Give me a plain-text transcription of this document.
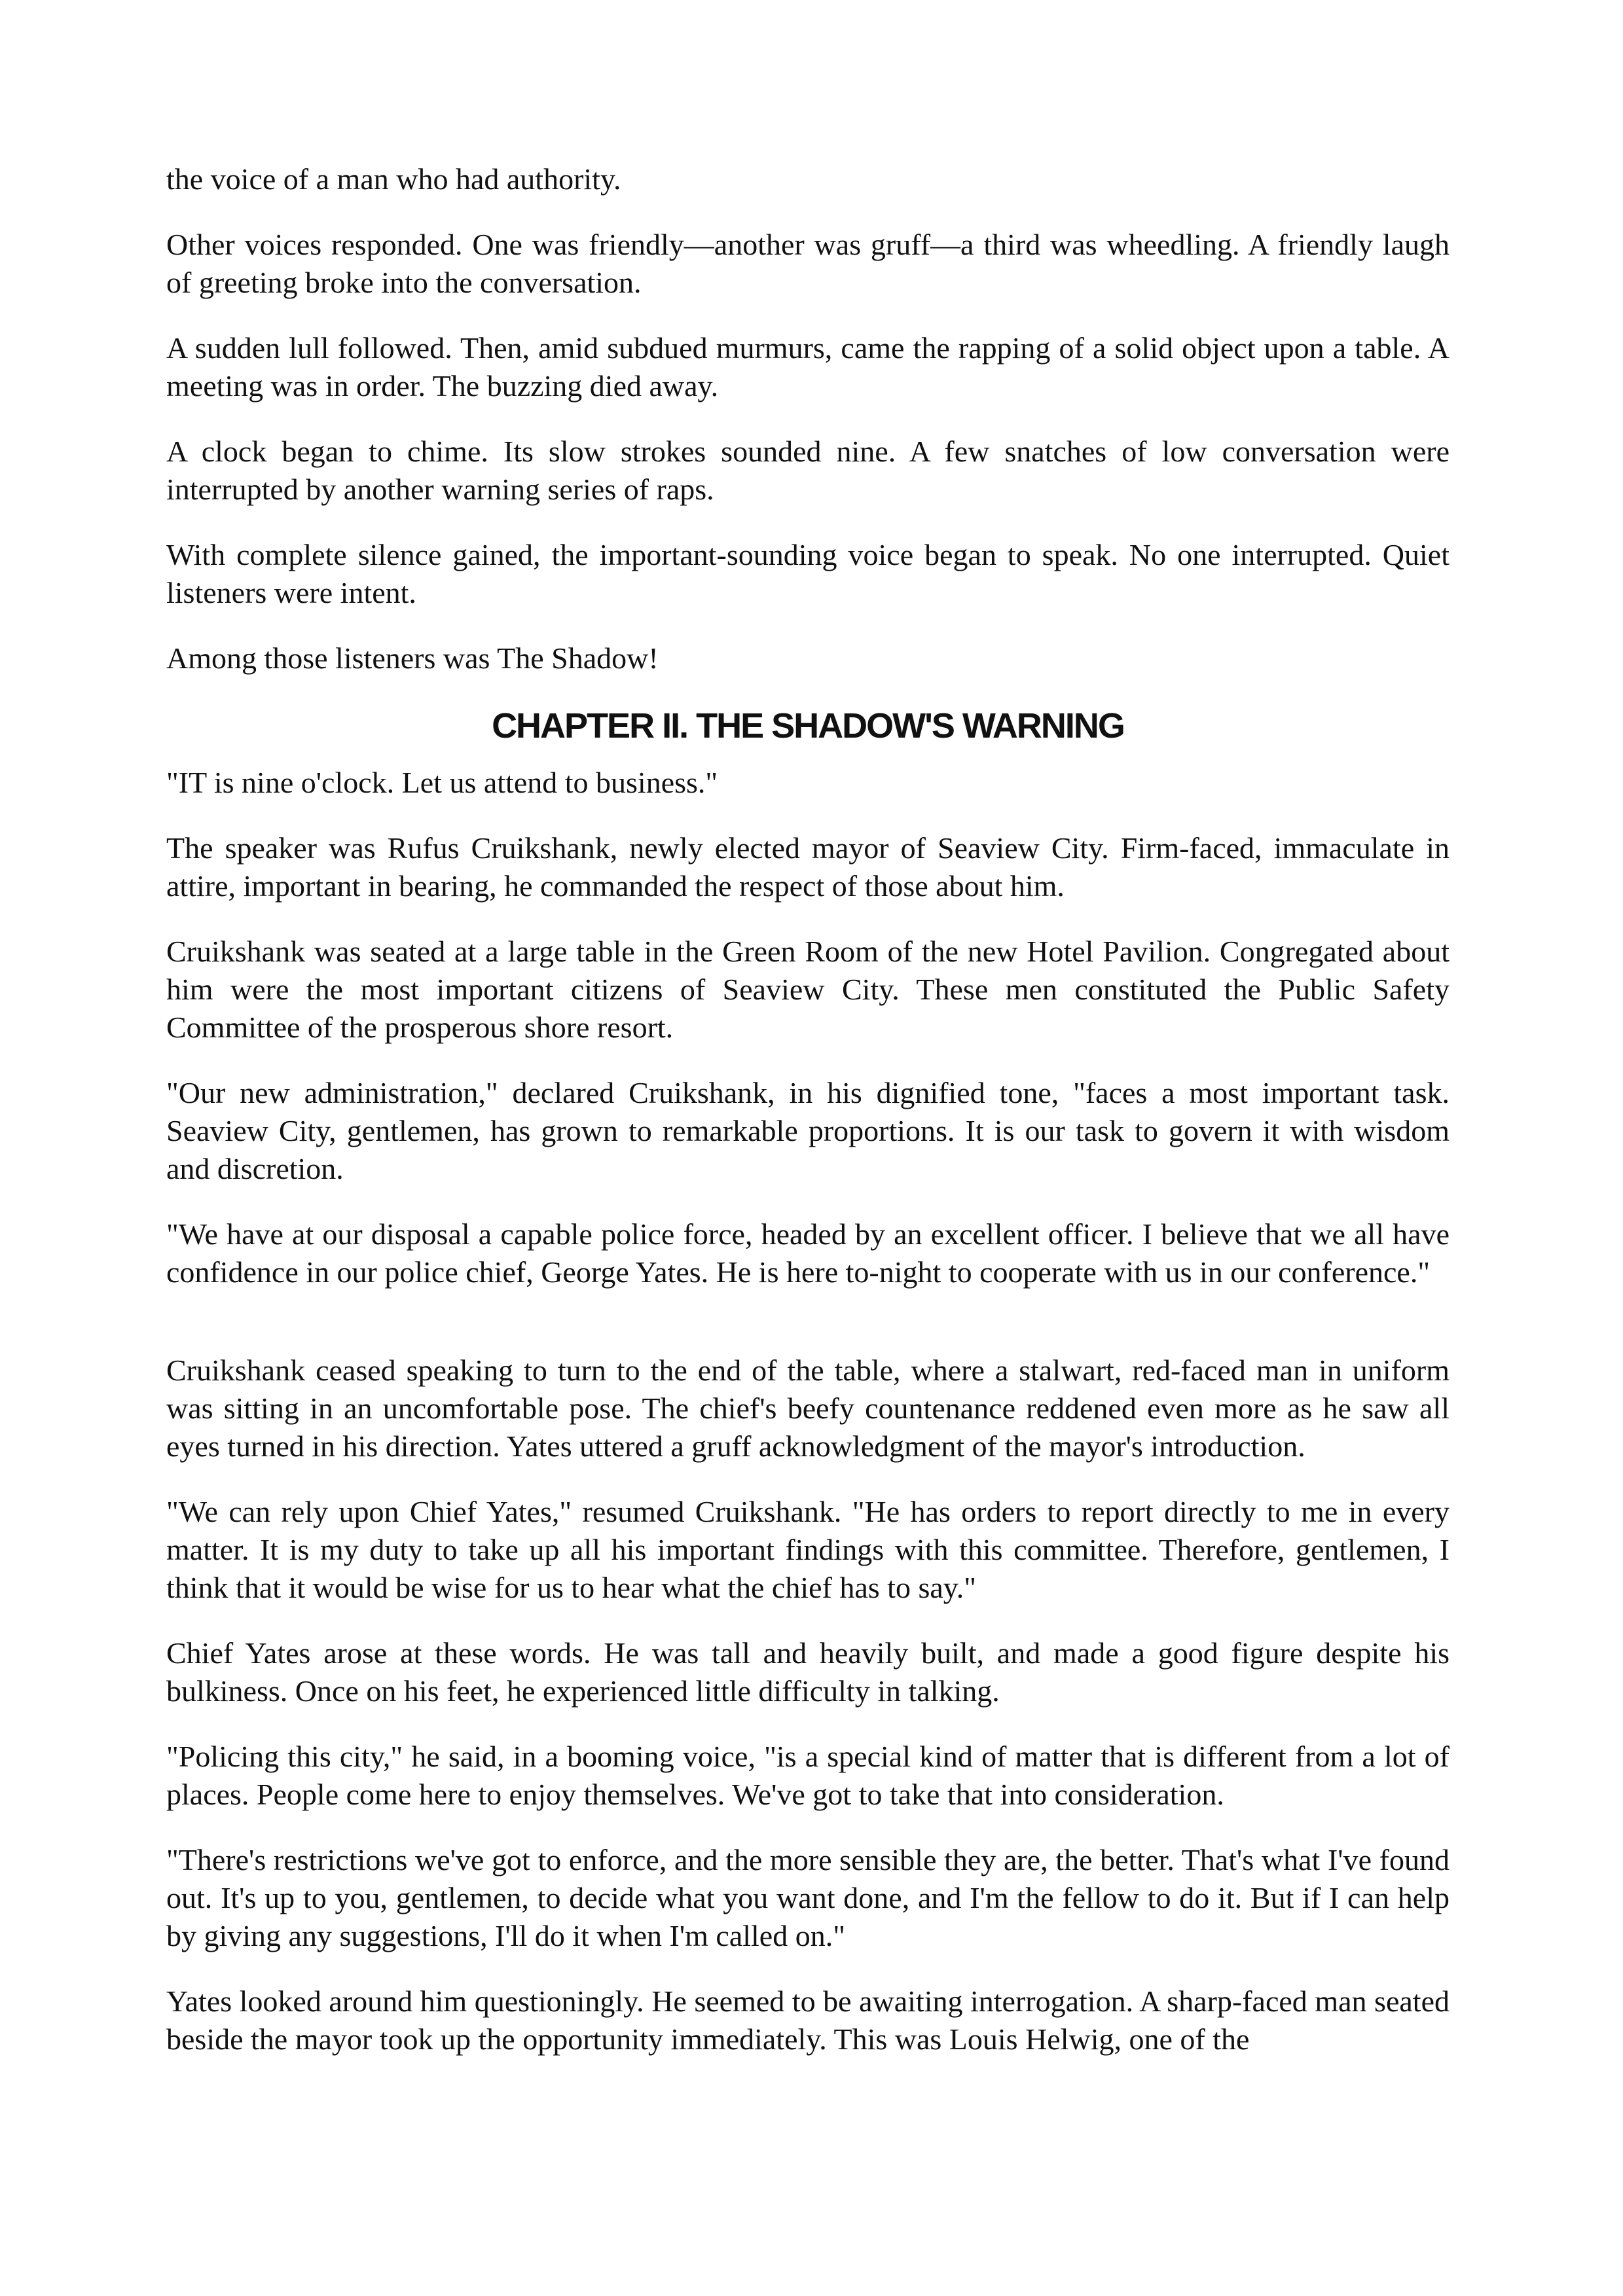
the voice of a man who had authority.

Other voices responded. One was friendly—another was gruff—a third was wheedling. A friendly laugh of greeting broke into the conversation.

A sudden lull followed. Then, amid subdued murmurs, came the rapping of a solid object upon a table. A meeting was in order. The buzzing died away.

A clock began to chime. Its slow strokes sounded nine. A few snatches of low conversation were interrupted by another warning series of raps.

With complete silence gained, the important-sounding voice began to speak. No one interrupted. Quiet listeners were intent.

Among those listeners was The Shadow!

CHAPTER II. THE SHADOW'S WARNING

"IT is nine o'clock. Let us attend to business."

The speaker was Rufus Cruikshank, newly elected mayor of Seaview City. Firm-faced, immaculate in attire, important in bearing, he commanded the respect of those about him.

Cruikshank was seated at a large table in the Green Room of the new Hotel Pavilion. Congregated about him were the most important citizens of Seaview City. These men constituted the Public Safety Committee of the prosperous shore resort.

"Our new administration," declared Cruikshank, in his dignified tone, "faces a most important task. Seaview City, gentlemen, has grown to remarkable proportions. It is our task to govern it with wisdom and discretion.

"We have at our disposal a capable police force, headed by an excellent officer. I believe that we all have confidence in our police chief, George Yates. He is here to-night to cooperate with us in our conference."

Cruikshank ceased speaking to turn to the end of the table, where a stalwart, red-faced man in uniform was sitting in an uncomfortable pose. The chief's beefy countenance reddened even more as he saw all eyes turned in his direction. Yates uttered a gruff acknowledgment of the mayor's introduction.

"We can rely upon Chief Yates," resumed Cruikshank. "He has orders to report directly to me in every matter. It is my duty to take up all his important findings with this committee. Therefore, gentlemen, I think that it would be wise for us to hear what the chief has to say."

Chief Yates arose at these words. He was tall and heavily built, and made a good figure despite his bulkiness. Once on his feet, he experienced little difficulty in talking.

"Policing this city," he said, in a booming voice, "is a special kind of matter that is different from a lot of places. People come here to enjoy themselves. We've got to take that into consideration.

"There's restrictions we've got to enforce, and the more sensible they are, the better. That's what I've found out. It's up to you, gentlemen, to decide what you want done, and I'm the fellow to do it. But if I can help by giving any suggestions, I'll do it when I'm called on."

Yates looked around him questioningly. He seemed to be awaiting interrogation. A sharp-faced man seated beside the mayor took up the opportunity immediately. This was Louis Helwig, one of the
